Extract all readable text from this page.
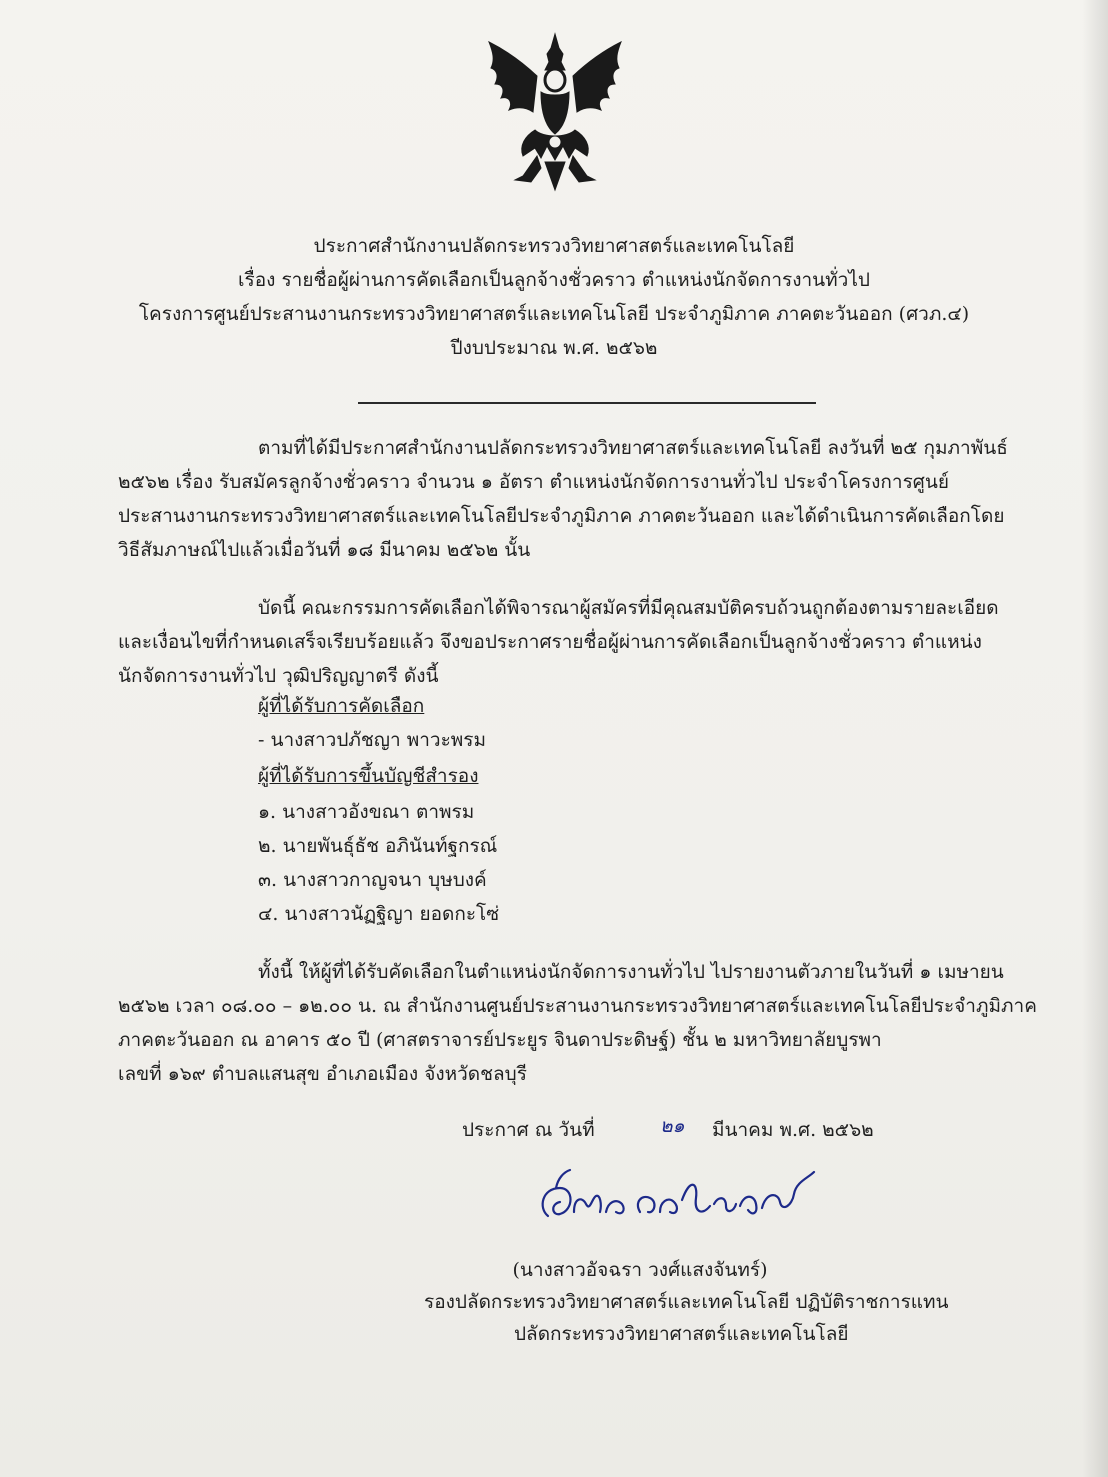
ประกาศสำนักงานปลัดกระทรวงวิทยาศาสตร์และเทคโนโลยี
เรื่อง รายชื่อผู้ผ่านการคัดเลือกเป็นลูกจ้างชั่วคราว ตำแหน่งนักจัดการงานทั่วไป
โครงการศูนย์ประสานงานกระทรวงวิทยาศาสตร์และเทคโนโลยี ประจำภูมิภาค ภาคตะวันออก (ศวภ.๔)
ปีงบประมาณ พ.ศ. ๒๕๖๒
ตามที่ได้มีประกาศสำนักงานปลัดกระทรวงวิทยาศาสตร์และเทคโนโลยี ลงวันที่ ๒๕ กุมภาพันธ์
๒๕๖๒ เรื่อง รับสมัครลูกจ้างชั่วคราว จำนวน ๑ อัตรา ตำแหน่งนักจัดการงานทั่วไป ประจำโครงการศูนย์
ประสานงานกระทรวงวิทยาศาสตร์และเทคโนโลยีประจำภูมิภาค ภาคตะวันออก และได้ดำเนินการคัดเลือกโดย
วิธีสัมภาษณ์ไปแล้วเมื่อวันที่ ๑๘ มีนาคม ๒๕๖๒ นั้น
บัดนี้ คณะกรรมการคัดเลือกได้พิจารณาผู้สมัครที่มีคุณสมบัติครบถ้วนถูกต้องตามรายละเอียด
และเงื่อนไขที่กำหนดเสร็จเรียบร้อยแล้ว จึงขอประกาศรายชื่อผู้ผ่านการคัดเลือกเป็นลูกจ้างชั่วคราว ตำแหน่ง
นักจัดการงานทั่วไป วุฒิปริญญาตรี ดังนี้
ผู้ที่ได้รับการคัดเลือก
- นางสาวปภัชญา พาวะพรม
ผู้ที่ได้รับการขึ้นบัญชีสำรอง
๑. นางสาวอังขณา ตาพรม
๒. นายพันธุ์ธัช อภินันท์ฐกรณ์
๓. นางสาวกาญจนา บุษบงค์
๔. นางสาวนัฏฐิญา ยอดกะโซ่
ทั้งนี้ ให้ผู้ที่ได้รับคัดเลือกในตำแหน่งนักจัดการงานทั่วไป ไปรายงานตัวภายในวันที่ ๑ เมษายน
๒๕๖๒ เวลา ๐๘.๐๐ – ๑๒.๐๐ น. ณ สำนักงานศูนย์ประสานงานกระทรวงวิทยาศาสตร์และเทคโนโลยีประจำภูมิภาค
ภาคตะวันออก ณ อาคาร ๕๐ ปี (ศาสตราจารย์ประยูร จินดาประดิษฐ์) ชั้น ๒ มหาวิทยาลัยบูรพา
เลขที่ ๑๖๙ ตำบลแสนสุข อำเภอเมือง จังหวัดชลบุรี
ประกาศ ณ วันที่	๒๑ มีนาคม พ.ศ. ๒๕๖๒
(นางสาวอัจฉรา วงศ์แสงจันทร์)
รองปลัดกระทรวงวิทยาศาสตร์และเทคโนโลยี ปฏิบัติราชการแทน
ปลัดกระทรวงวิทยาศาสตร์และเทคโนโลยี
